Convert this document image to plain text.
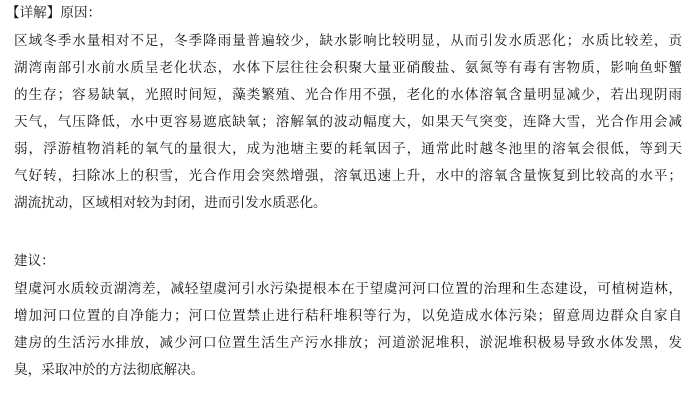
【详解】原因：
区域冬季水量相对不足，冬季降雨量普遍较少，缺水影响比较明显，从而引发水质恶化；水质比较差，贡
湖湾南部引水前水质呈老化状态，水体下层往往会积聚大量亚硝酸盐、氨氮等有毒有害物质，影响鱼虾蟹
的生存；容易缺氧，光照时间短，藻类繁殖、光合作用不强，老化的水体溶氧含量明显减少，若出现阴雨
天气，气压降低，水中更容易遮底缺氧；溶解氧的波动幅度大，如果天气突变，连降大雪，光合作用会减
弱，浮游植物消耗的氧气的量很大，成为池塘主要的耗氧因子，通常此时越冬池里的溶氧会很低，等到天
气好转，扫除冰上的积雪，光合作用会突然增强，溶氧迅速上升，水中的溶氧含量恢复到比较高的水平；
湖流扰动，区域相对较为封闭，进而引发水质恶化。
建议：
望虞河水质较贡湖湾差，减轻望虞河引水污染提根本在于望虞河河口位置的治理和生态建设，可植树造林，
增加河口位置的自净能力；河口位置禁止进行秸秆堆积等行为，以免造成水体污染；留意周边群众自家自
建房的生活污水排放，减少河口位置生活生产污水排放；河道淤泥堆积，淤泥堆积极易导致水体发黑，发
臭，采取冲於的方法彻底解决。
